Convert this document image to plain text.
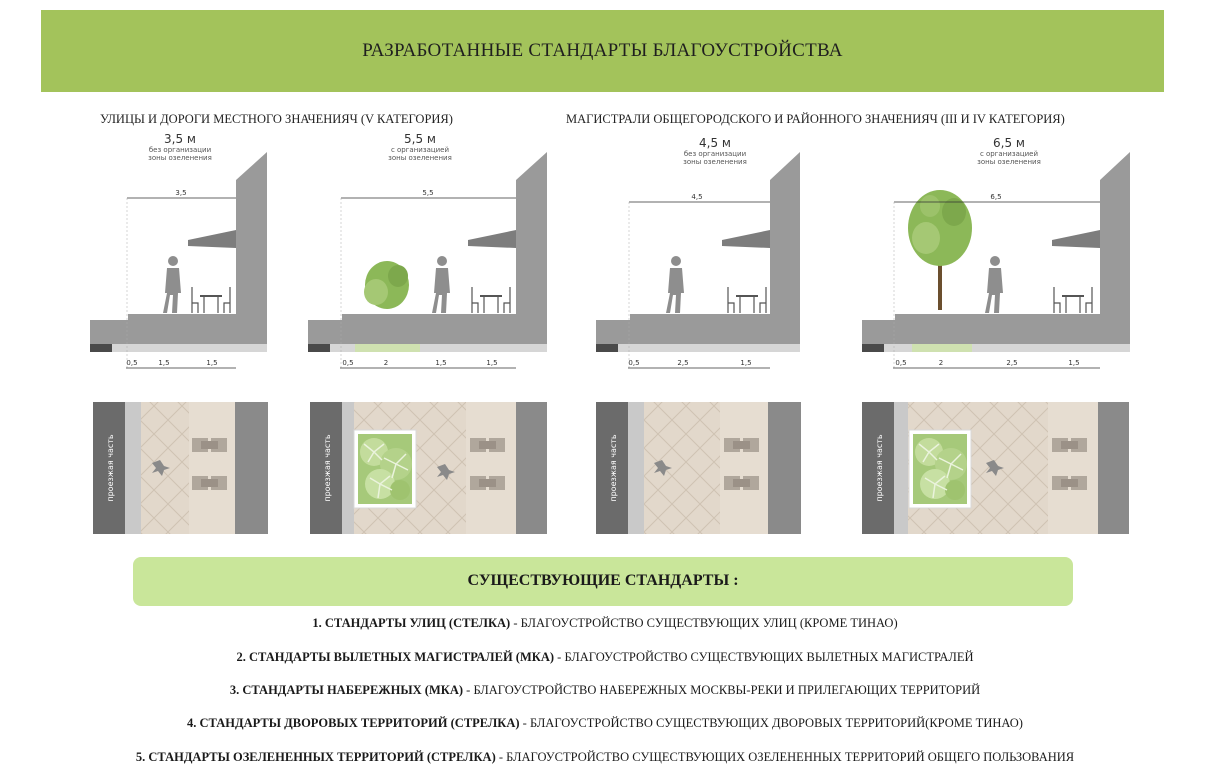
РАЗРАБОТАННЫЕ СТАНДАРТЫ БЛАГОУСТРОЙСТВА
УЛИЦЫ И ДОРОГИ МЕСТНОГО ЗНАЧЕНИЯЧ (V КАТЕГОРИЯ)	МАГИСТРАЛИ ОБЩЕГОРОДСКОГО И РАЙОННОГО ЗНАЧЕНИЯЧ (III И IV КАТЕГОРИЯ)
3,5 м
без организации
зоны озеленения
5,5 м
с организацией
зоны озеленения
4,5 м
без организации
зоны озеленения
6,5 м
с организацией
зоны озеленения
3,5
0,5	1,5	1,5
5,5
0,5	2	1,5	1,5
4,5
0,5	2,5	1,5
6,5
0,5	2	2,5	1,5
проезжая часть	проезжая часть	проезжая часть	проезжая часть
СУЩЕСТВУЮЩИЕ СТАНДАРТЫ :
1. СТАНДАРТЫ УЛИЦ (СТЕЛКА) - БЛАГОУСТРОЙСТВО СУЩЕСТВУЮЩИХ УЛИЦ (КРОМЕ ТИНАО)
2. СТАНДАРТЫ ВЫЛЕТНЫХ МАГИСТРАЛЕЙ (МКА) - БЛАГОУСТРОЙСТВО СУЩЕСТВУЮЩИХ ВЫЛЕТНЫХ МАГИСТРАЛЕЙ
3. СТАНДАРТЫ НАБЕРЕЖНЫХ (МКА) - БЛАГОУСТРОЙСТВО НАБЕРЕЖНЫХ МОСКВЫ-РЕКИ И ПРИЛЕГАЮЩИХ ТЕРРИТОРИЙ
4. СТАНДАРТЫ ДВОРОВЫХ ТЕРРИТОРИЙ (СТРЕЛКА) - БЛАГОУСТРОЙСТВО СУЩЕСТВУЮЩИХ ДВОРОВЫХ ТЕРРИТОРИЙ(КРОМЕ ТИНАО)
5. СТАНДАРТЫ ОЗЕЛЕНЕННЫХ ТЕРРИТОРИЙ (СТРЕЛКА) - БЛАГОУСТРОЙСТВО СУЩЕСТВУЮЩИХ ОЗЕЛЕНЕННЫХ ТЕРРИТОРИЙ ОБЩЕГО ПОЛЬЗОВАНИЯ
